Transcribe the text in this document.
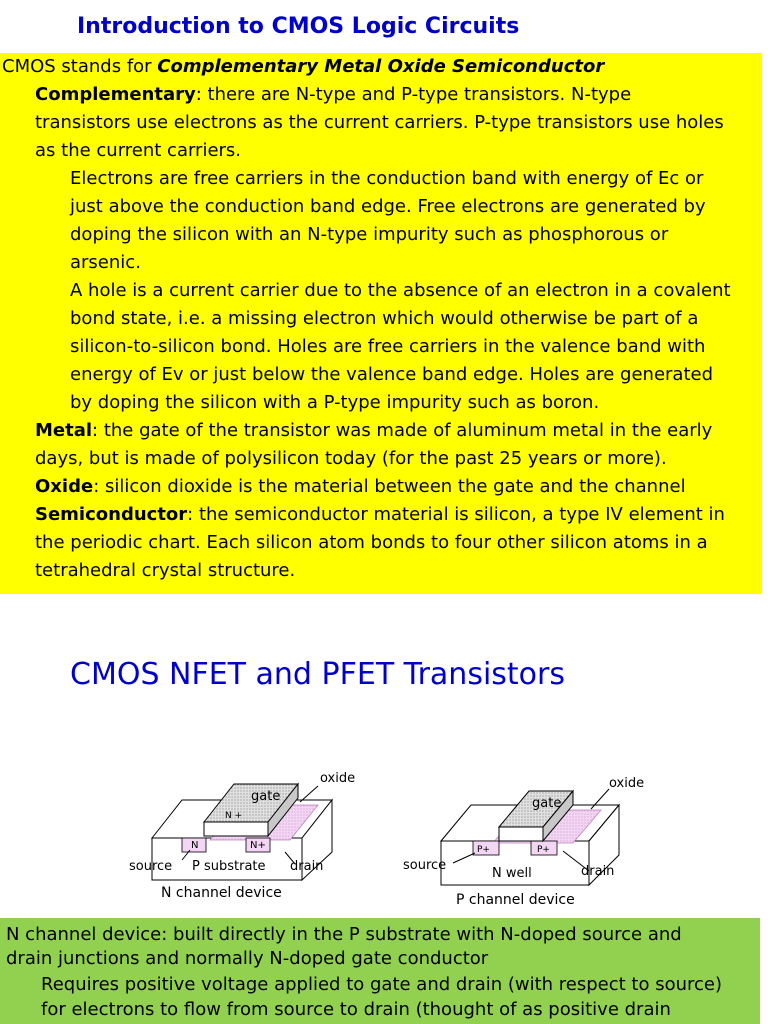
Introduction to CMOS Logic Circuits
CMOS stands for Complementary Metal Oxide Semiconductor
Complementary: there are N-type and P-type transistors. N-type
transistors use electrons as the current carriers. P-type transistors use holes
as the current carriers.
Electrons are free carriers in the conduction band with energy of Ec or
just above the conduction band edge. Free electrons are generated by
doping the silicon with an N-type impurity such as phosphorous or
arsenic.
A hole is a current carrier due to the absence of an electron in a covalent
bond state, i.e. a missing electron which would otherwise be part of a
silicon-to-silicon bond. Holes are free carriers in the valence band with
energy of Ev or just below the valence band edge. Holes are generated
by doping the silicon with a P-type impurity such as boron.
Metal: the gate of the transistor was made of aluminum metal in the early
days, but is made of polysilicon today (for the past 25 years or more).
Oxide: silicon dioxide is the material between the gate and the channel
Semiconductor: the semiconductor material is silicon, a type IV element in
the periodic chart. Each silicon atom bonds to four other silicon atoms in a
tetrahedral crystal structure.
CMOS NFET and PFET Transistors
oxide
gate
N +
N	N+
source P substrate drain
N channel device
oxide
gate
P+	P+
source
N well	drain
P channel device
N channel device: built directly in the P substrate with N-doped source and
drain junctions and normally N-doped gate conductor
Requires positive voltage applied to gate and drain (with respect to source)
for electrons to flow from source to drain (thought of as positive drain
